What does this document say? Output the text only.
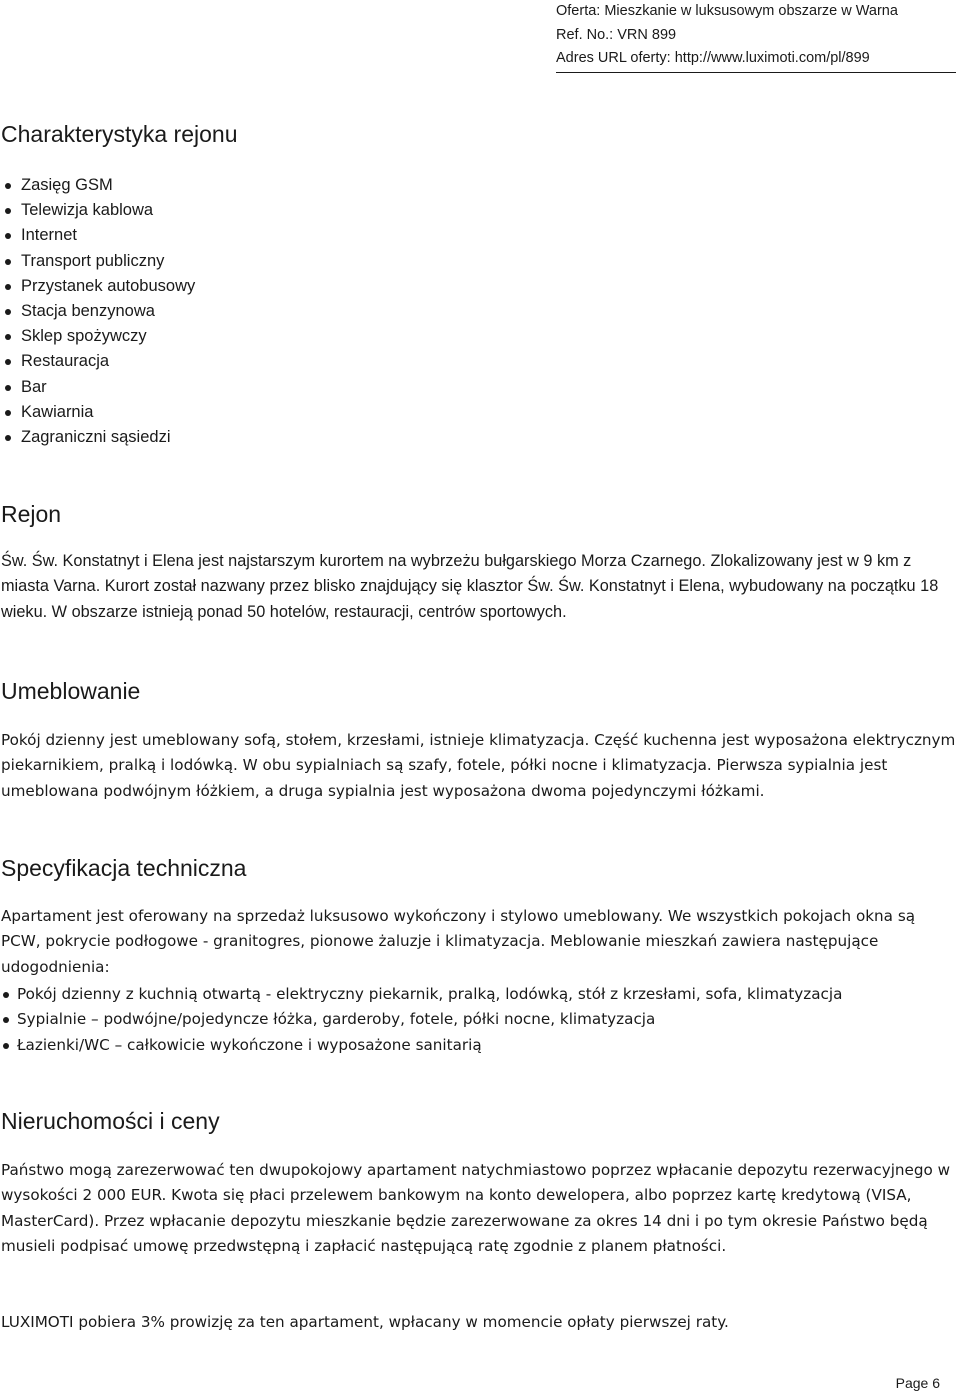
Oferta: Mieszkanie w luksusowym obszarze w Warna
Ref. No.: VRN 899
Adres URL oferty: http://www.luximoti.com/pl/899
Charakterystyka rejonu
Zasięg GSM
Telewizja kablowa
Internet
Transport publiczny
Przystanek autobusowy
Stacja benzynowa
Sklep spożywczy
Restauracja
Bar
Kawiarnia
Zagraniczni sąsiedzi
Rejon

Św. Św. Konstatnyt i Elena jest najstarszym kurortem na wybrzeżu bułgarskiego Morza Czarnego. Zlokalizowany jest w 9 km z miasta Varna. Kurort został nazwany przez blisko znajdujący się klasztor Św. Św. Konstatnyt i Elena, wybudowany na początku 18 wieku. W obszarze istnieją ponad 50 hotelów, restauracji, centrów sportowych.

Umeblowanie

Pokój dzienny jest umeblowany sofą, stołem, krzesłami, istnieje klimatyzacja. Część kuchenna jest wyposażona elektrycznym piekarnikiem, pralką i lodówką. W obu sypialniach są szafy, fotele, półki nocne i klimatyzacja. Pierwsza sypialnia jest umeblowana podwójnym łóżkiem, a druga sypialnia jest wyposażona dwoma pojedynczymi łóżkami.

Specyfikacja techniczna

Apartament jest oferowany na sprzedaż luksusowo wykończony i stylowo umeblowany. We wszystkich pokojach okna są PCW, pokrycie podłogowe - granitogres, pionowe żaluzje i klimatyzacja. Meblowanie mieszkań zawiera następujące udogodnienia:

Pokój dzienny z kuchnią otwartą - elektryczny piekarnik, pralką, lodówką, stół z krzesłami, sofa, klimatyzacja
Sypialnie – podwójne/pojedyncze łóżka, garderoby, fotele, półki nocne, klimatyzacja
Łazienki/WC – całkowicie wykończone i wyposażone sanitarią
Nieruchomości i ceny

Państwo mogą zarezerwować ten dwupokojowy apartament natychmiastowo poprzez wpłacanie depozytu rezerwacyjnego w wysokości 2 000 EUR. Kwota się płaci przelewem bankowym na konto dewelopera, albo poprzez kartę kredytową (VISA, MasterCard). Przez wpłacanie depozytu mieszkanie będzie zarezerwowane za okres 14 dni i po tym okresie Państwo będą musieli podpisać umowę przedwstępną i zapłacić następującą ratę zgodnie z planem płatności.

LUXIMOTI pobiera 3% prowizję za ten apartament, wpłacany w momencie opłaty pierwszej raty.

Page 6
